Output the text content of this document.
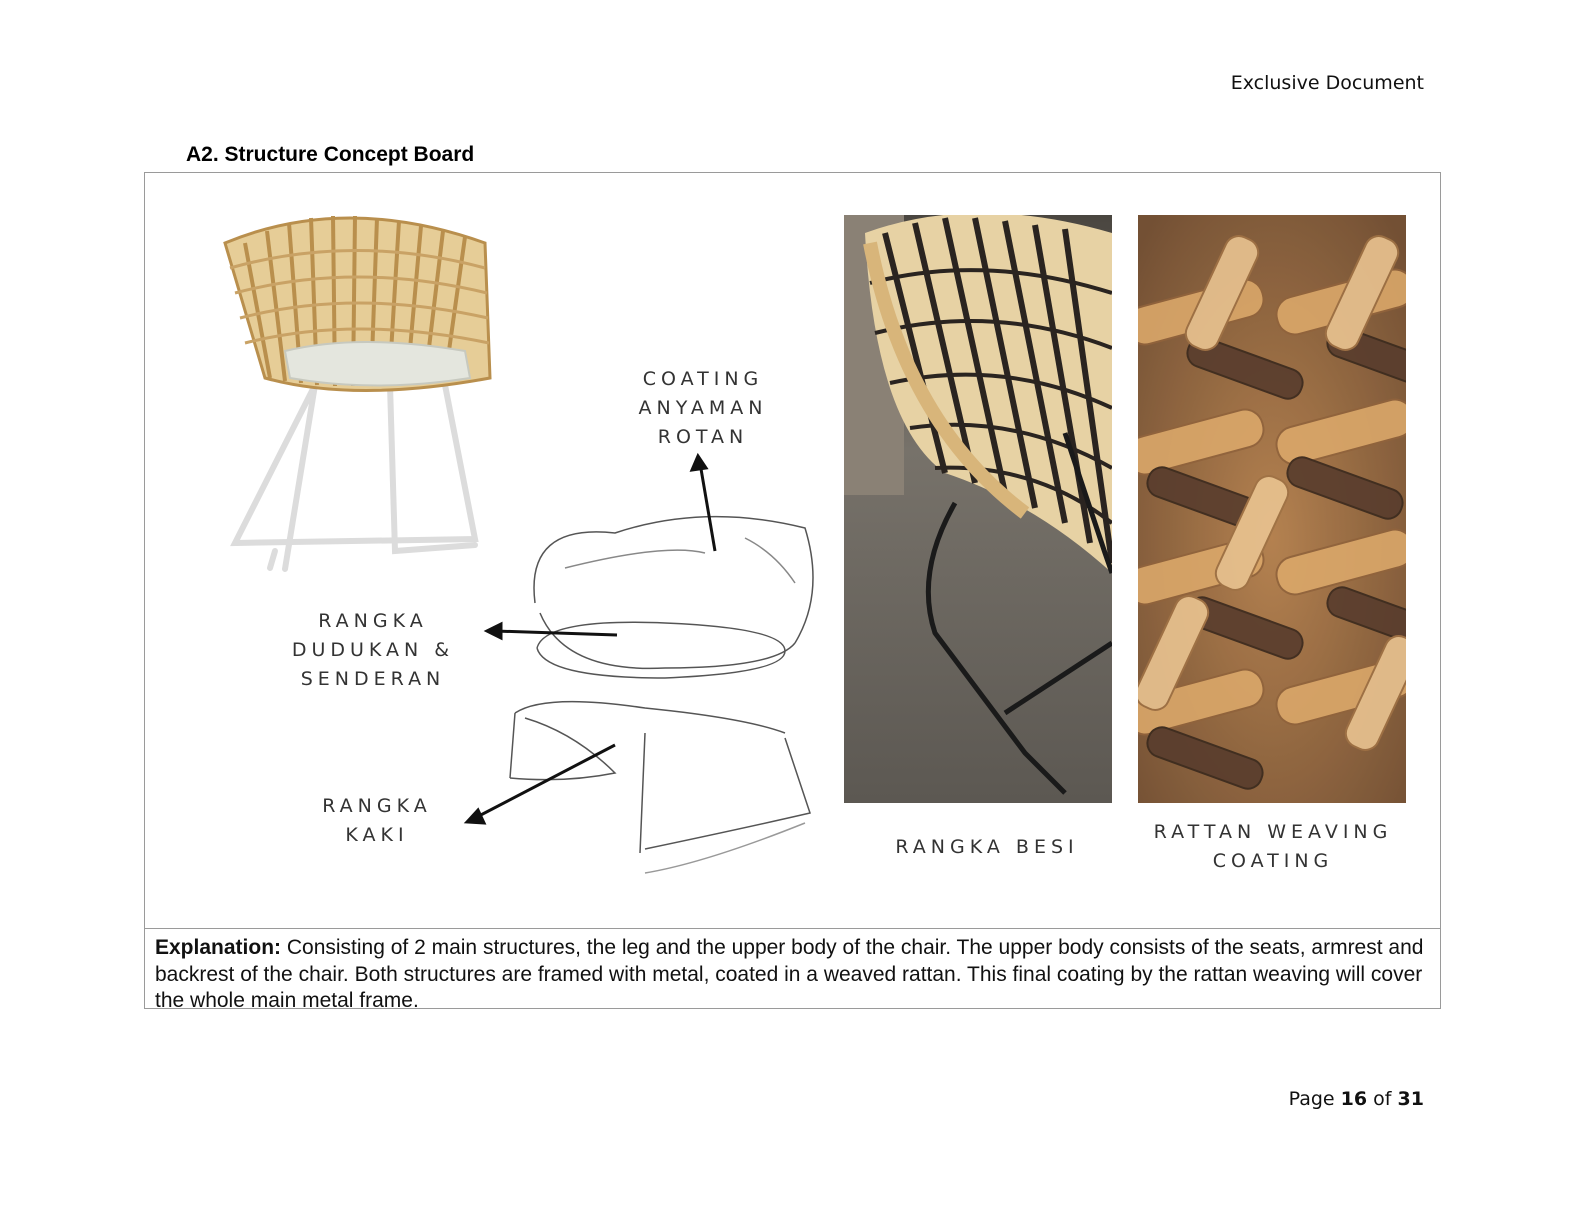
Exclusive Document
A2. Structure Concept Board
COATING
ANYAMAN
ROTAN
RANGKA
DUDUKAN &
SENDERAN
RANGKA
KAKI
RANGKA BESI
RATTAN WEAVING
COATING
Explanation: Consisting of 2 main structures, the leg and the upper body of the chair. The upper body consists of the seats, armrest and backrest of the chair. Both structures are framed with metal, coated in a weaved rattan. This final coating by the rattan weaving will cover the whole main metal frame.
Page 16 of 31
